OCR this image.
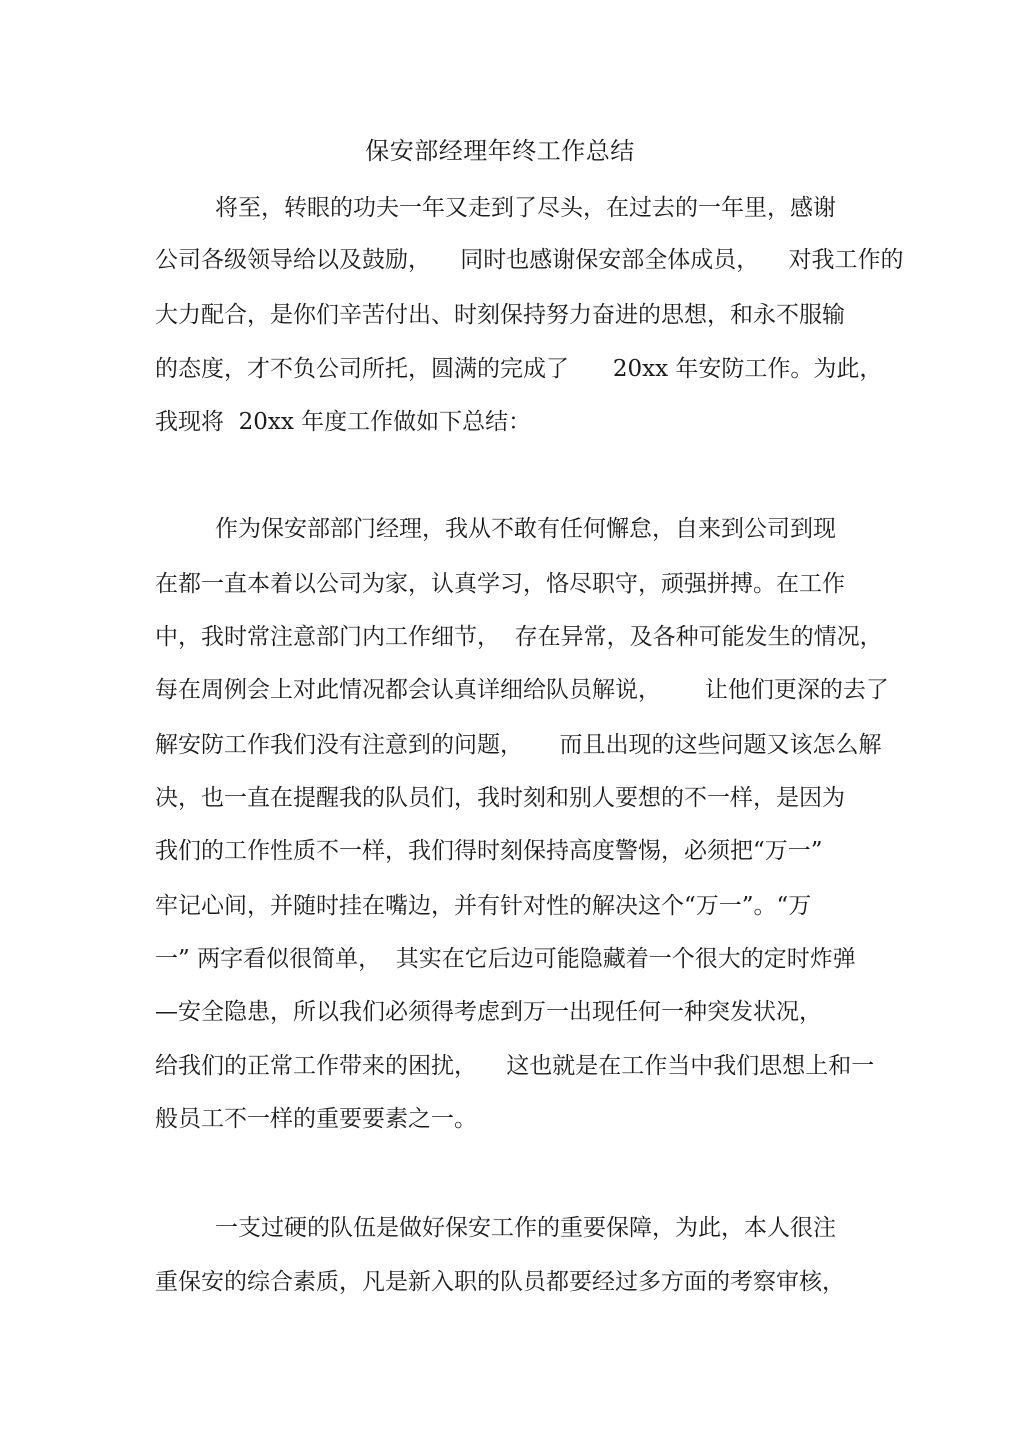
保安部经理年终工作总结
将至，转眼的功夫一年又走到了尽头，在过去的一年里，感谢
公司各级领导给以及鼓励，    同时也感谢保安部全体成员，    对我工作的
大力配合，是你们辛苦付出、时刻保持努力奋进的思想，和永不服输
的态度，才不负公司所托，圆满的完成了      20xx 年安防工作。为此，
我现将  20xx 年度工作做如下总结：
作为保安部部门经理，我从不敢有任何懈怠，自来到公司到现
在都一直本着以公司为家，认真学习，恪尽职守，顽强拼搏。在工作
中，我时常注意部门内工作细节，  存在异常，及各种可能发生的情况，
每在周例会上对此情况都会认真详细给队员解说，      让他们更深的去了
解安防工作我们没有注意到的问题，     而且出现的这些问题又该怎么解
决，也一直在提醒我的队员们，我时刻和别人要想的不一样，是因为
我们的工作性质不一样，我们得时刻保持高度警惕，必须把“万一”
牢记心间，并随时挂在嘴边，并有针对性的解决这个“万一”。“万
一” 两字看似很简单，  其实在它后边可能隐藏着一个很大的定时炸弹
—安全隐患，所以我们必须得考虑到万一出现任何一种突发状况，
给我们的正常工作带来的困扰，    这也就是在工作当中我们思想上和一
般员工不一样的重要要素之一。
一支过硬的队伍是做好保安工作的重要保障，为此，本人很注
重保安的综合素质，凡是新入职的队员都要经过多方面的考察审核，
